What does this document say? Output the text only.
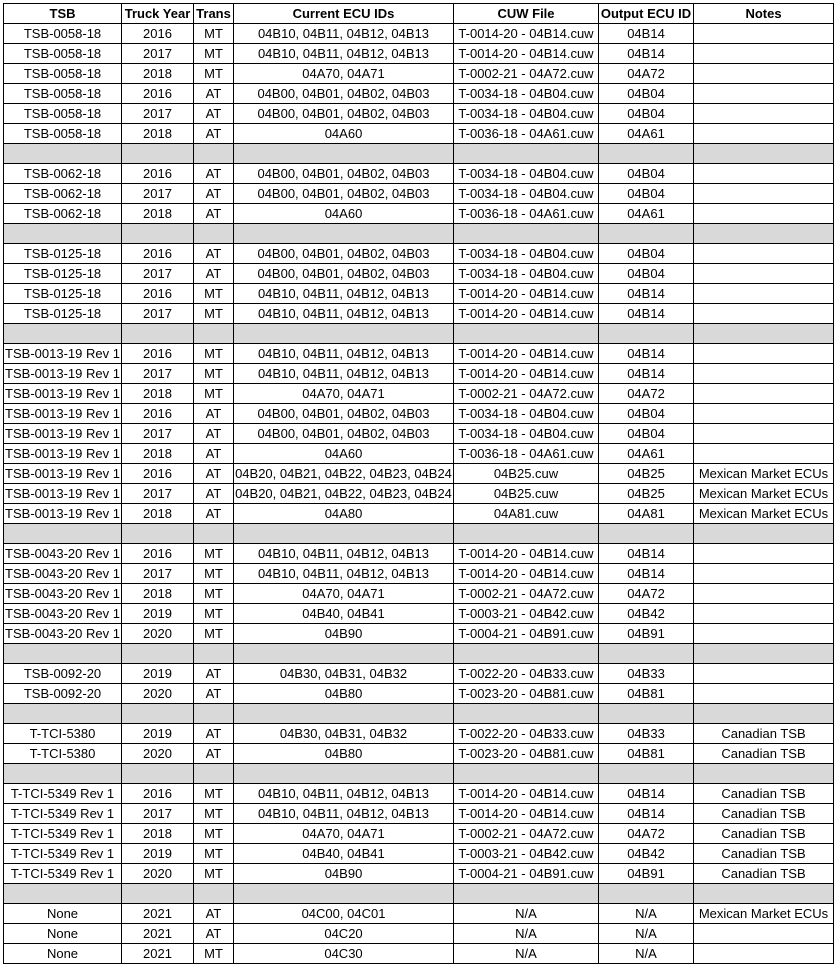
TSB	Truck Year	Trans	Current ECU IDs	CUW File	Output ECU ID	Notes
TSB-0058-18	2016	MT	04B10, 04B11, 04B12, 04B13	T-0014-20 - 04B14.cuw	04B14	
TSB-0058-18	2017	MT	04B10, 04B11, 04B12, 04B13	T-0014-20 - 04B14.cuw	04B14	
TSB-0058-18	2018	MT	04A70, 04A71	T-0002-21 - 04A72.cuw	04A72	
TSB-0058-18	2016	AT	04B00, 04B01, 04B02, 04B03	T-0034-18 - 04B04.cuw	04B04	
TSB-0058-18	2017	AT	04B00, 04B01, 04B02, 04B03	T-0034-18 - 04B04.cuw	04B04	
TSB-0058-18	2018	AT	04A60	T-0036-18 - 04A61.cuw	04A61	

TSB-0062-18	2016	AT	04B00, 04B01, 04B02, 04B03	T-0034-18 - 04B04.cuw	04B04	
TSB-0062-18	2017	AT	04B00, 04B01, 04B02, 04B03	T-0034-18 - 04B04.cuw	04B04	
TSB-0062-18	2018	AT	04A60	T-0036-18 - 04A61.cuw	04A61	

TSB-0125-18	2016	AT	04B00, 04B01, 04B02, 04B03	T-0034-18 - 04B04.cuw	04B04	
TSB-0125-18	2017	AT	04B00, 04B01, 04B02, 04B03	T-0034-18 - 04B04.cuw	04B04	
TSB-0125-18	2016	MT	04B10, 04B11, 04B12, 04B13	T-0014-20 - 04B14.cuw	04B14	
TSB-0125-18	2017	MT	04B10, 04B11, 04B12, 04B13	T-0014-20 - 04B14.cuw	04B14	

TSB-0013-19 Rev 1	2016	MT	04B10, 04B11, 04B12, 04B13	T-0014-20 - 04B14.cuw	04B14	
TSB-0013-19 Rev 1	2017	MT	04B10, 04B11, 04B12, 04B13	T-0014-20 - 04B14.cuw	04B14	
TSB-0013-19 Rev 1	2018	MT	04A70, 04A71	T-0002-21 - 04A72.cuw	04A72	
TSB-0013-19 Rev 1	2016	AT	04B00, 04B01, 04B02, 04B03	T-0034-18 - 04B04.cuw	04B04	
TSB-0013-19 Rev 1	2017	AT	04B00, 04B01, 04B02, 04B03	T-0034-18 - 04B04.cuw	04B04	
TSB-0013-19 Rev 1	2018	AT	04A60	T-0036-18 - 04A61.cuw	04A61	
TSB-0013-19 Rev 1	2016	AT	04B20, 04B21, 04B22, 04B23, 04B24	04B25.cuw	04B25	Mexican Market ECUs
TSB-0013-19 Rev 1	2017	AT	04B20, 04B21, 04B22, 04B23, 04B24	04B25.cuw	04B25	Mexican Market ECUs
TSB-0013-19 Rev 1	2018	AT	04A80	04A81.cuw	04A81	Mexican Market ECUs

TSB-0043-20 Rev 1	2016	MT	04B10, 04B11, 04B12, 04B13	T-0014-20 - 04B14.cuw	04B14	
TSB-0043-20 Rev 1	2017	MT	04B10, 04B11, 04B12, 04B13	T-0014-20 - 04B14.cuw	04B14	
TSB-0043-20 Rev 1	2018	MT	04A70, 04A71	T-0002-21 - 04A72.cuw	04A72	
TSB-0043-20 Rev 1	2019	MT	04B40, 04B41	T-0003-21 - 04B42.cuw	04B42	
TSB-0043-20 Rev 1	2020	MT	04B90	T-0004-21 - 04B91.cuw	04B91	

TSB-0092-20	2019	AT	04B30, 04B31, 04B32	T-0022-20 - 04B33.cuw	04B33	
TSB-0092-20	2020	AT	04B80	T-0023-20 - 04B81.cuw	04B81	

T-TCI-5380	2019	AT	04B30, 04B31, 04B32	T-0022-20 - 04B33.cuw	04B33	Canadian TSB
T-TCI-5380	2020	AT	04B80	T-0023-20 - 04B81.cuw	04B81	Canadian TSB

T-TCI-5349 Rev 1	2016	MT	04B10, 04B11, 04B12, 04B13	T-0014-20 - 04B14.cuw	04B14	Canadian TSB
T-TCI-5349 Rev 1	2017	MT	04B10, 04B11, 04B12, 04B13	T-0014-20 - 04B14.cuw	04B14	Canadian TSB
T-TCI-5349 Rev 1	2018	MT	04A70, 04A71	T-0002-21 - 04A72.cuw	04A72	Canadian TSB
T-TCI-5349 Rev 1	2019	MT	04B40, 04B41	T-0003-21 - 04B42.cuw	04B42	Canadian TSB
T-TCI-5349 Rev 1	2020	MT	04B90	T-0004-21 - 04B91.cuw	04B91	Canadian TSB

None	2021	AT	04C00, 04C01	N/A	N/A	Mexican Market ECUs
None	2021	AT	04C20	N/A	N/A	
None	2021	MT	04C30	N/A	N/A	
